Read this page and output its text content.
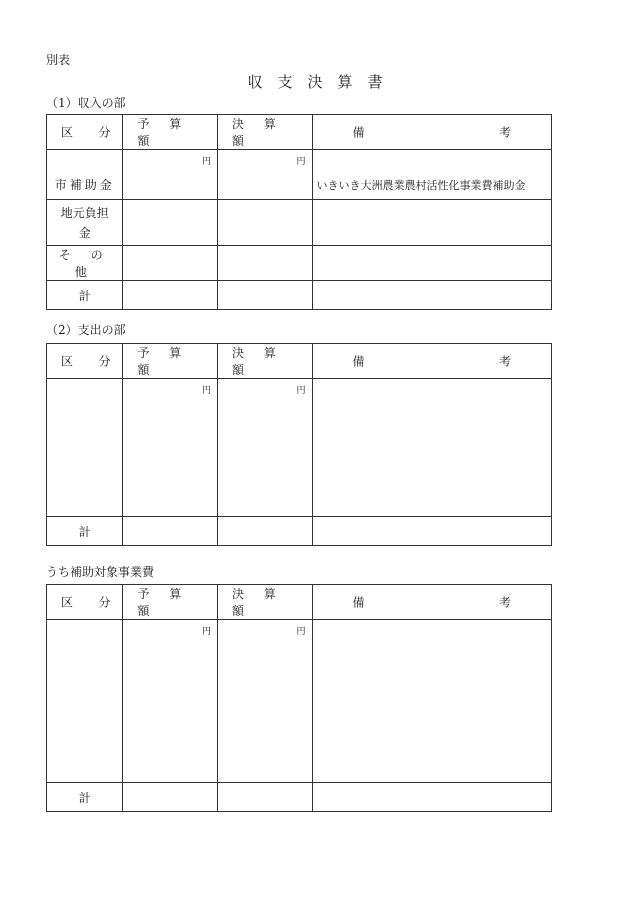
別表
収 支 決 算 書
（1）収入の部
区 分	予 算 額	決 算 額	備 考

市補助金	円	円	いきいき大洲農業農村活性化事業費補助金

地元負担
金			

そ の 他			
計			
（2）支出の部
区 分	予 算 額	決 算 額	備 考

	円	円	

計			
うち補助対象事業費
区 分	予 算 額	決 算 額	備 考

	円	円	

計			
